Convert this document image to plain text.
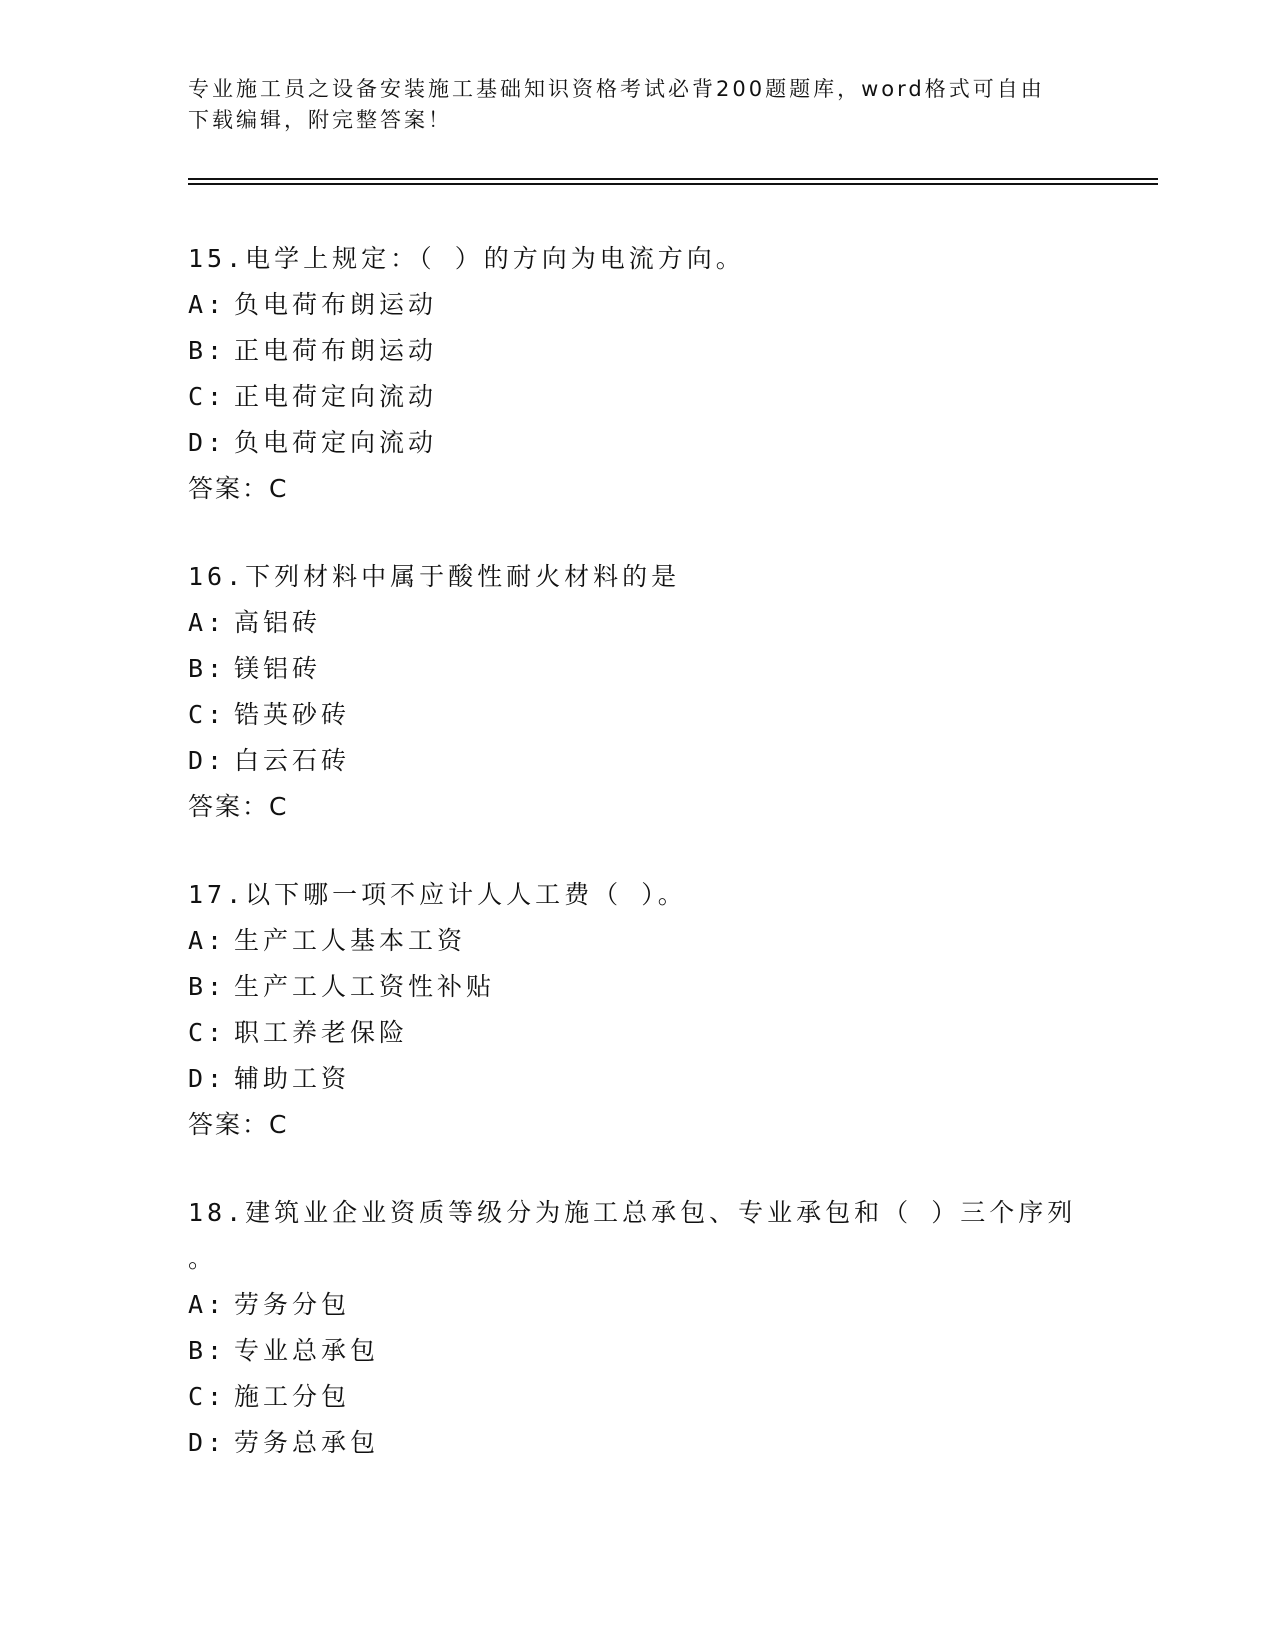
专业施工员之设备安装施工基础知识资格考试必背200题题库，word格式可自由
下载编辑，附完整答案！
15.电学上规定：（ ）的方向为电流方向。
A: 负电荷布朗运动
B: 正电荷布朗运动
C: 正电荷定向流动
D: 负电荷定向流动
答案：C
16.下列材料中属于酸性耐火材料的是
A: 高铝砖
B: 镁铝砖
C: 锆英砂砖
D: 白云石砖
答案：C
17.以下哪一项不应计人人工费（ ）。
A: 生产工人基本工资
B: 生产工人工资性补贴
C: 职工养老保险
D: 辅助工资
答案：C
18.建筑业企业资质等级分为施工总承包、专业承包和（ ）三个序列
。
A: 劳务分包
B: 专业总承包
C: 施工分包
D: 劳务总承包
